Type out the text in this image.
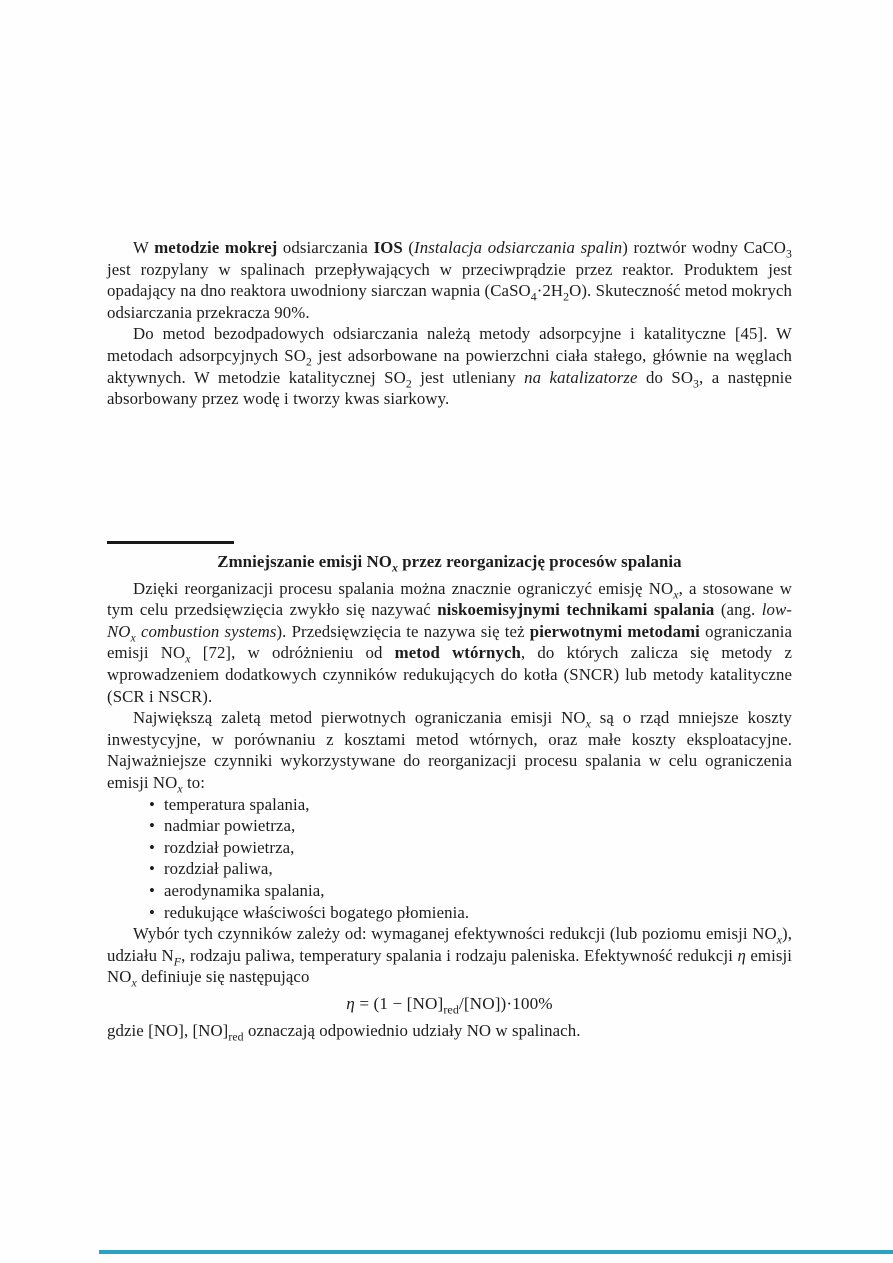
W metodzie mokrej odsiarczania IOS (Instalacja odsiarczania spalin) roztwór wodny CaCO$_3$ jest rozpylany w spalinach przepływających w przeciwprądzie przez reaktor. Produktem jest opadający na dno reaktora uwodniony siarczan wapnia $(CaSO_4\cdot 2H_2O)$. Skuteczność metod mokrych odsiarczania przekracza 90%.

Do metod bezodpadowych odsiarczania należą metody adsorpcyjne i katalityczne [45]. W metodach adsorpcyjnych $SO_2$ jest adsorbowane na powierzchni ciała stałego, głównie na węglach aktywnych. W metodzie katalitycznej $SO_2$ jest utleniany na katalizatorze do $SO_3$, a następnie absorbowany przez wodę i tworzy kwas siarkowy.

Zmniejszanie emisji $NO_x$ przez reorganizację procesów spalania

Dzięki reorganizacji procesu spalania można znacznie ograniczyć emisję $NO_x$, a stosowane w tym celu przedsięwzięcia zwykło się nazywać niskoemisyjnymi technikami spalania (ang. low-$NO_x$ combustion systems). Przedsięwzięcia te nazywa się też pierwotnymi metodami ograniczania emisji $NO_x$ [72], w odróżnieniu od metod wtórnych, do których zalicza się metody z wprowadzeniem dodatkowych czynników redukujących do kotła (SNCR) lub metody katalityczne (SCR i NSCR).

Największą zaletą metod pierwotnych ograniczania emisji $NO_x$ są o rząd mniejsze koszty inwestycyjne, w porównaniu z kosztami metod wtórnych, oraz małe koszty eksploatacyjne. Najważniejsze czynniki wykorzystywane do reorganizacji procesu spalania w celu ograniczenia emisji $NO_x$ to:

• temperatura spalania,
• nadmiar powietrza,
• rozdział powietrza,
• rozdział paliwa,
• aerodynamika spalania,
• redukujące właściwości bogatego płomienia.

Wybór tych czynników zależy od: wymaganej efektywności redukcji (lub poziomu emisji $NO_x$), udziału $N_F$, rodzaju paliwa, temperatury spalania i rodzaju paleniska. Efektywność redukcji η emisji $NO_x$ definiuje się następująco

$\eta = (1 - [NO]_{red}/[NO])\cdot 100\%$

gdzie [NO], $[NO]_{red}$ oznaczają odpowiednio udziały NO w spalinach.
